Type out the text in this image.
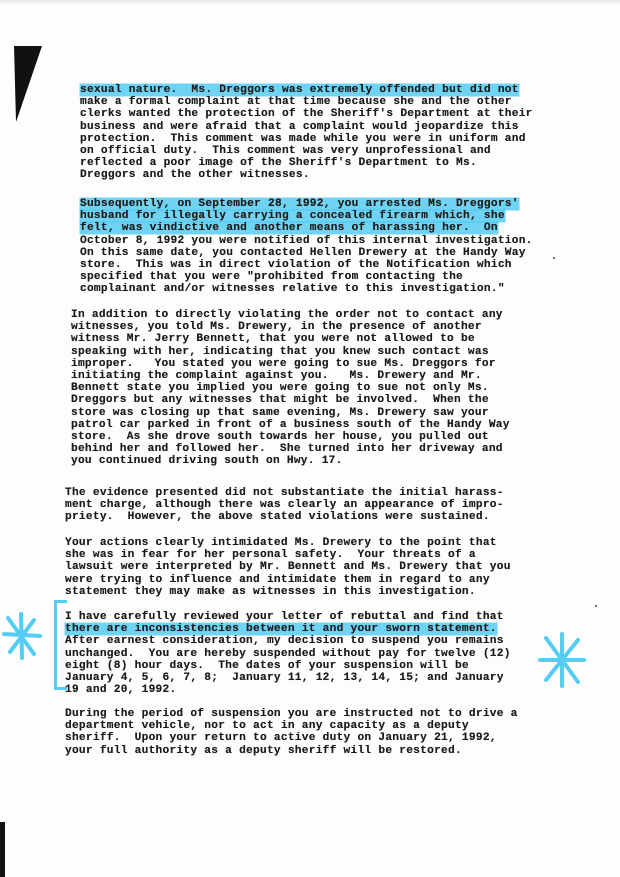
sexual nature.  Ms. Dreggors was extremely offended but did not
make a formal complaint at that time because she and the other
clerks wanted the protection of the Sheriff's Department at their
business and were afraid that a complaint would jeopardize this
protection.  This comment was made while you were in uniform and
on official duty.  This comment was very unprofessional and
reflected a poor image of the Sheriff's Department to Ms.
Dreggors and the other witnesses.

Subsequently, on September 28, 1992, you arrested Ms. Dreggors'
husband for illegally carrying a concealed firearm which, she
felt, was vindictive and another means of harassing her.  On
October 8, 1992 you were notified of this internal investigation.
On this same date, you contacted Hellen Drewery at the Handy Way
store.  This was in direct violation of the Notification which
specified that you were "prohibited from contacting the
complainant and/or witnesses relative to this investigation."

In addition to directly violating the order not to contact any
witnesses, you told Ms. Drewery, in the presence of another
witness Mr. Jerry Bennett, that you were not allowed to be
speaking with her, indicating that you knew such contact was
improper.   You stated you were going to sue Ms. Dreggors for
initiating the complaint against you.   Ms. Drewery and Mr.
Bennett state you implied you were going to sue not only Ms.
Dreggors but any witnesses that might be involved.  When the
store was closing up that same evening, Ms. Drewery saw your
patrol car parked in front of a business south of the Handy Way
store.  As she drove south towards her house, you pulled out
behind her and followed her.  She turned into her driveway and
you continued driving south on Hwy. 17.

The evidence presented did not substantiate the initial harass-
ment charge, although there was clearly an appearance of impro-
priety.  However, the above stated violations were sustained.

Your actions clearly intimidated Ms. Drewery to the point that
she was in fear for her personal safety.  Your threats of a
lawsuit were interpreted by Mr. Bennett and Ms. Drewery that you
were trying to influence and intimidate them in regard to any
statement they may make as witnesses in this investigation.

I have carefully reviewed your letter of rebuttal and find that
there are inconsistencies between it and your sworn statement.
After earnest consideration, my decision to suspend you remains
unchanged.  You are hereby suspended without pay for twelve (12)
eight (8) hour days.  The dates of your suspension will be
January 4, 5, 6, 7, 8;  January 11, 12, 13, 14, 15; and January
19 and 20, 1992.

During the period of suspension you are instructed not to drive a
department vehicle, nor to act in any capacity as a deputy
sheriff.  Upon your return to active duty on January 21, 1992,
your full authority as a deputy sheriff will be restored.
